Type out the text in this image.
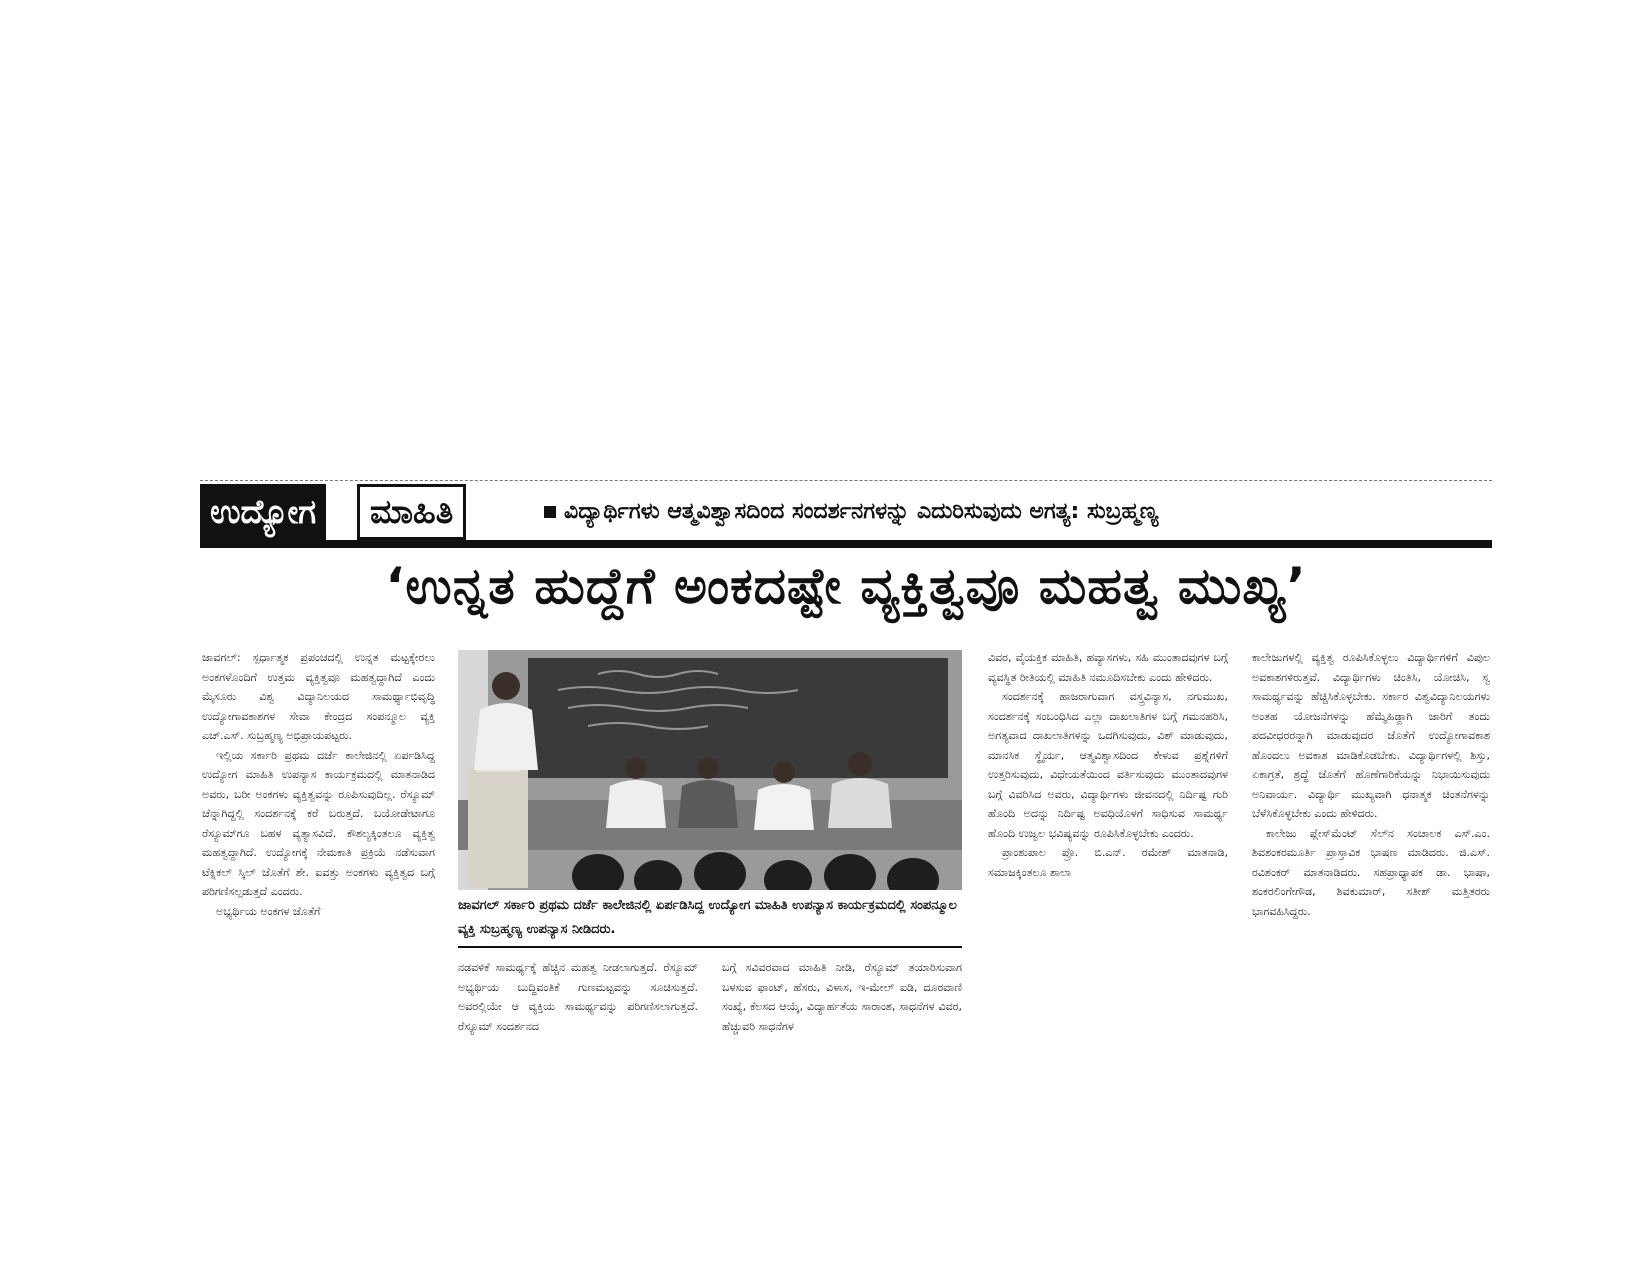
ಉದ್ಯೋಗ	ಮಾಹಿತಿ	ವಿದ್ಯಾರ್ಥಿಗಳು ಆತ್ಮವಿಶ್ವಾಸದಿಂದ ಸಂದರ್ಶನಗಳನ್ನು ಎದುರಿಸುವುದು ಅಗತ್ಯ: ಸುಬ್ರಹ್ಮಣ್ಯ
‘ಉನ್ನತ ಹುದ್ದೆಗೆ ಅಂಕದಷ್ಟೇ ವ್ಯಕ್ತಿತ್ವವೂ ಮಹತ್ವ ಮುಖ್ಯ’

ಜಾವಗಲ್: ಸ್ಪರ್ಧಾತ್ಮಕ ಪ್ರಪಂಚದಲ್ಲಿ ಉನ್ನತ ಮಟ್ಟಕ್ಕೇರಲು ಅಂಕಗಳೊಂದಿಗೆ ಉತ್ತಮ ವ್ಯಕ್ತಿತ್ವವೂ ಮಹತ್ವದ್ದಾಗಿದೆ ಎಂದು ಮೈಸೂರು ವಿಶ್ವ ವಿದ್ಯಾನಿಲಯದ ಸಾಮರ್ಥ್ಯಾಭಿವೃದ್ಧಿ ಉದ್ಯೋಗಾವಕಾಶಗಳ ಸೇವಾ ಕೇಂದ್ರದ ಸಂಪನ್ಮೂಲ ವ್ಯಕ್ತಿ ಎಚ್.ಎಸ್. ಸುಬ್ರಹ್ಮಣ್ಯ ಅಭಿಪ್ರಾಯಪಟ್ಟರು.

ಇಲ್ಲಿಯ ಸರ್ಕಾರಿ ಪ್ರಥಮ ದರ್ಜೆ ಕಾಲೇಜಿನಲ್ಲಿ ಏರ್ಪಡಿಸಿದ್ದ ಉದ್ಯೋಗ ಮಾಹಿತಿ ಉಪನ್ಯಾಸ ಕಾರ್ಯಕ್ರಮದಲ್ಲಿ ಮಾತನಾಡಿದ ಅವರು, ಬರೀ ಅಂಕಗಳು ವ್ಯಕ್ತಿತ್ವವನ್ನು ರೂಪಿಸುವುದಿಲ್ಲ. ರೆಸ್ಯೂಮ್ ಚೆನ್ನಾಗಿದ್ದಲ್ಲಿ ಸಂದರ್ಶನಕ್ಕೆ ಕರೆ ಬರುತ್ತದೆ. ಬಯೋಡೇಟಾಗೂ ರೆಸ್ಯೂಮ್‌ಗೂ ಬಹಳ ವ್ಯತ್ಯಾಸವಿದೆ. ಕೌಶಲ್ಯಕ್ಕಿಂತಲೂ ವ್ಯಕ್ತಿತ್ವ ಮಹತ್ವದ್ದಾಗಿದೆ. ಉದ್ಯೋಗಕ್ಕೆ ನೇಮಕಾತಿ ಪ್ರಕ್ರಿಯೆ ನಡೆಸುವಾಗ ಟೆಕ್ನಿಕಲ್ ಸ್ಕಿಲ್ ಜೊತೆಗೆ ಶೇ. ಐವತ್ತು ಅಂಕಗಳು ವ್ಯಕ್ತಿತ್ವದ ಬಗ್ಗೆ ಪರಿಗಣಿಸಲ್ಪಡುತ್ತದೆ ಎಂದರು.

ಅಭ್ಯರ್ಥಿಯ ಅಂಕಗಳ ಜೊತೆಗೆ	ಜಾವಗಲ್ ಸರ್ಕಾರಿ ಪ್ರಥಮ ದರ್ಜೆ ಕಾಲೇಜಿನಲ್ಲಿ ಏರ್ಪಡಿಸಿದ್ದ ಉದ್ಯೋಗ ಮಾಹಿತಿ ಉಪನ್ಯಾಸ ಕಾರ್ಯಕ್ರಮದಲ್ಲಿ ಸಂಪನ್ಮೂಲ ವ್ಯಕ್ತಿ ಸುಬ್ರಹ್ಮಣ್ಯ ಉಪನ್ಯಾಸ ನೀಡಿದರು.

ನಡವಳಿಕೆ ಸಾಮರ್ಥ್ಯಕ್ಕೆ ಹೆಚ್ಚಿನ ಮಹತ್ವ ನೀಡಲಾಗುತ್ತದೆ. ರೆಸ್ಯೂಮ್ ಅಭ್ಯರ್ಥಿಯ ಬುದ್ಧಿವಂತಿಕೆ ಗುಣಮಟ್ಟವನ್ನು ಸೂಚಿಸುತ್ತದೆ. ಅವರಲ್ಲಿಯೇ ಆ ವ್ಯಕ್ತಿಯ ಸಾಮರ್ಥ್ಯವನ್ನು ಪರಿಗಣಿಸಲಾಗುತ್ತದೆ. ರೆಸ್ಯೂಮ್ ಸಂದರ್ಶನದ

ಬಗ್ಗೆ ಸವಿವರವಾದ ಮಾಹಿತಿ ನೀಡಿ, ರೆಸ್ಯೂಮ್ ತಯಾರಿಸುವಾಗ ಬಳಸುವ ಫಾಂಟ್, ಹೆಸರು, ವಿಳಾಸ, ಇ-ಮೇಲ್ ಐಡಿ, ದೂರವಾಣಿ ಸಂಖ್ಯೆ, ಕೆಲಸದ ಆಯ್ಕೆ, ವಿದ್ಯಾರ್ಹತೆಯ ಸಾರಾಂಶ, ಸಾಧನೆಗಳ ವಿವರ, ಹೆಚ್ಚುವರಿ ಸಾಧನೆಗಳ

ವಿವರ, ವೈಯಕ್ತಿಕ ಮಾಹಿತಿ, ಹವ್ಯಾಸಗಳು, ಸಹಿ ಮುಂತಾದವುಗಳ ಬಗ್ಗೆ ವ್ಯವಸ್ಥಿತ ರೀತಿಯಲ್ಲಿ ಮಾಹಿತಿ ನಮೂದಿಸಬೇಕು ಎಂದು ಹೇಳಿದರು.

ಸಂದರ್ಶನಕ್ಕೆ ಹಾಜರಾಗುವಾಗ ವಸ್ತ್ರವಿನ್ಯಾಸ, ನಗುಮುಖ, ಸಂದರ್ಶನಕ್ಕೆ ಸಂಬಂಧಿಸಿದ ಎಲ್ಲಾ ದಾಖಲಾತಿಗಳ ಬಗ್ಗೆ ಗಮನಹರಿಸಿ, ಅಗತ್ಯವಾದ ದಾಖಲಾತಿಗಳನ್ನು ಒದಗಿಸುವುದು, ವಿಶ್ ಮಾಡುವುದು, ಮಾನಸಿಕ ಸ್ಥೈರ್ಯ, ಆತ್ಮವಿಶ್ವಾಸದಿಂದ ಕೇಳುವ ಪ್ರಶ್ನೆಗಳಿಗೆ ಉತ್ತರಿಸುವುದು, ವಿಧೇಯತೆಯಿಂದ ವರ್ತಿಸುವುದು ಮುಂತಾದವುಗಳ ಬಗ್ಗೆ ವಿವರಿಸಿದ ಅವರು, ವಿದ್ಯಾರ್ಥಿಗಳು ಜೀವನದಲ್ಲಿ ನಿರ್ದಿಷ್ಟ ಗುರಿ ಹೊಂದಿ ಅದನ್ನು ನಿರ್ದಿಷ್ಟ ಅವಧಿಯೊಳಗೆ ಸಾಧಿಸುವ ಸಾಮರ್ಥ್ಯ ಹೊಂದಿ ಉಜ್ವಲ ಭವಿಷ್ಯವನ್ನು ರೂಪಿಸಿಕೊಳ್ಳಬೇಕು ಎಂದರು.

ಪ್ರಾಂಶುಪಾಲ ಪ್ರೊ. ಬಿ.ಎನ್. ರಮೇಶ್ ಮಾತನಾಡಿ, ಸಮಾಜಕ್ಕಿಂತಲೂ ಶಾಲಾ

ಕಾಲೇಜುಗಳಲ್ಲಿ ವ್ಯಕ್ತಿತ್ವ ರೂಪಿಸಿಕೊಳ್ಳಲು ವಿದ್ಯಾರ್ಥಿಗಳಿಗೆ ವಿಪುಲ ಅವಕಾಶಗಳಿರುತ್ತವೆ. ವಿದ್ಯಾರ್ಥಿಗಳು ಚಿಂತಿಸಿ, ಯೋಚಿಸಿ, ಸ್ವ ಸಾಮರ್ಥ್ಯವನ್ನು ಹೆಚ್ಚಿಸಿಕೊಳ್ಳಬೇಕು. ಸರ್ಕಾರ ವಿಶ್ವವಿದ್ಯಾನಿಲಯಗಳು ಅಂತಹ ಯೋಜನೆಗಳನ್ನು ಹೆಮ್ಮೆಹಿಡ್ದಾಗಿ ಜಾರಿಗೆ ತಂದು ಪದವೀಧರರನ್ನಾಗಿ ಮಾಡುವುದರ ಜೊತೆಗೆ ಉದ್ಯೋಗಾವಕಾಶ ಹೊಂದಲು ಅವಕಾಶ ಮಾಡಿಕೊಡಬೇಕು. ವಿದ್ಯಾರ್ಥಿಗಳಲ್ಲಿ ಶಿಸ್ತು, ಏಕಾಗ್ರತೆ, ಶ್ರದ್ಧೆ ಜೊತೆಗೆ ಹೊಣೆಗಾರಿಕೆಯನ್ನು ನಿಭಾಯಿಸುವುದು ಅನಿವಾರ್ಯ. ವಿದ್ಯಾರ್ಥಿ ಮುಖ್ಯವಾಗಿ ಧನಾತ್ಮಕ ಚಿಂತನೆಗಳನ್ನು ಬೆಳೆಸಿಕೊಳ್ಳಬೇಕು ಎಂದು ಹೇಳಿದರು.

ಕಾಲೇಜು ಪ್ಲೇಸ್‌ಮೆಂಟ್ ಸೆಲ್‌ನ ಸಂಚಾಲಕ ಎಸ್.ಎಂ. ಶಿವಶಂಕರಮೂರ್ತಿ ಪ್ರಾಸ್ತಾವಿಕ ಭಾಷಣ ಮಾಡಿದರು. ಜಿ.ಎಸ್. ರವಿಶಂಕರ್ ಮಾತನಾಡಿದರು. ಸಹಪ್ರಾಧ್ಯಾಪಕ ಡಾ. ಭಾಷಾ, ಶಂಕರಲಿಂಗೇಗೌಡ, ಶಿವಕುಮಾರ್, ಸತೀಶ್ ಮತ್ತಿತರರು ಭಾಗವಹಿಸಿದ್ದರು.
